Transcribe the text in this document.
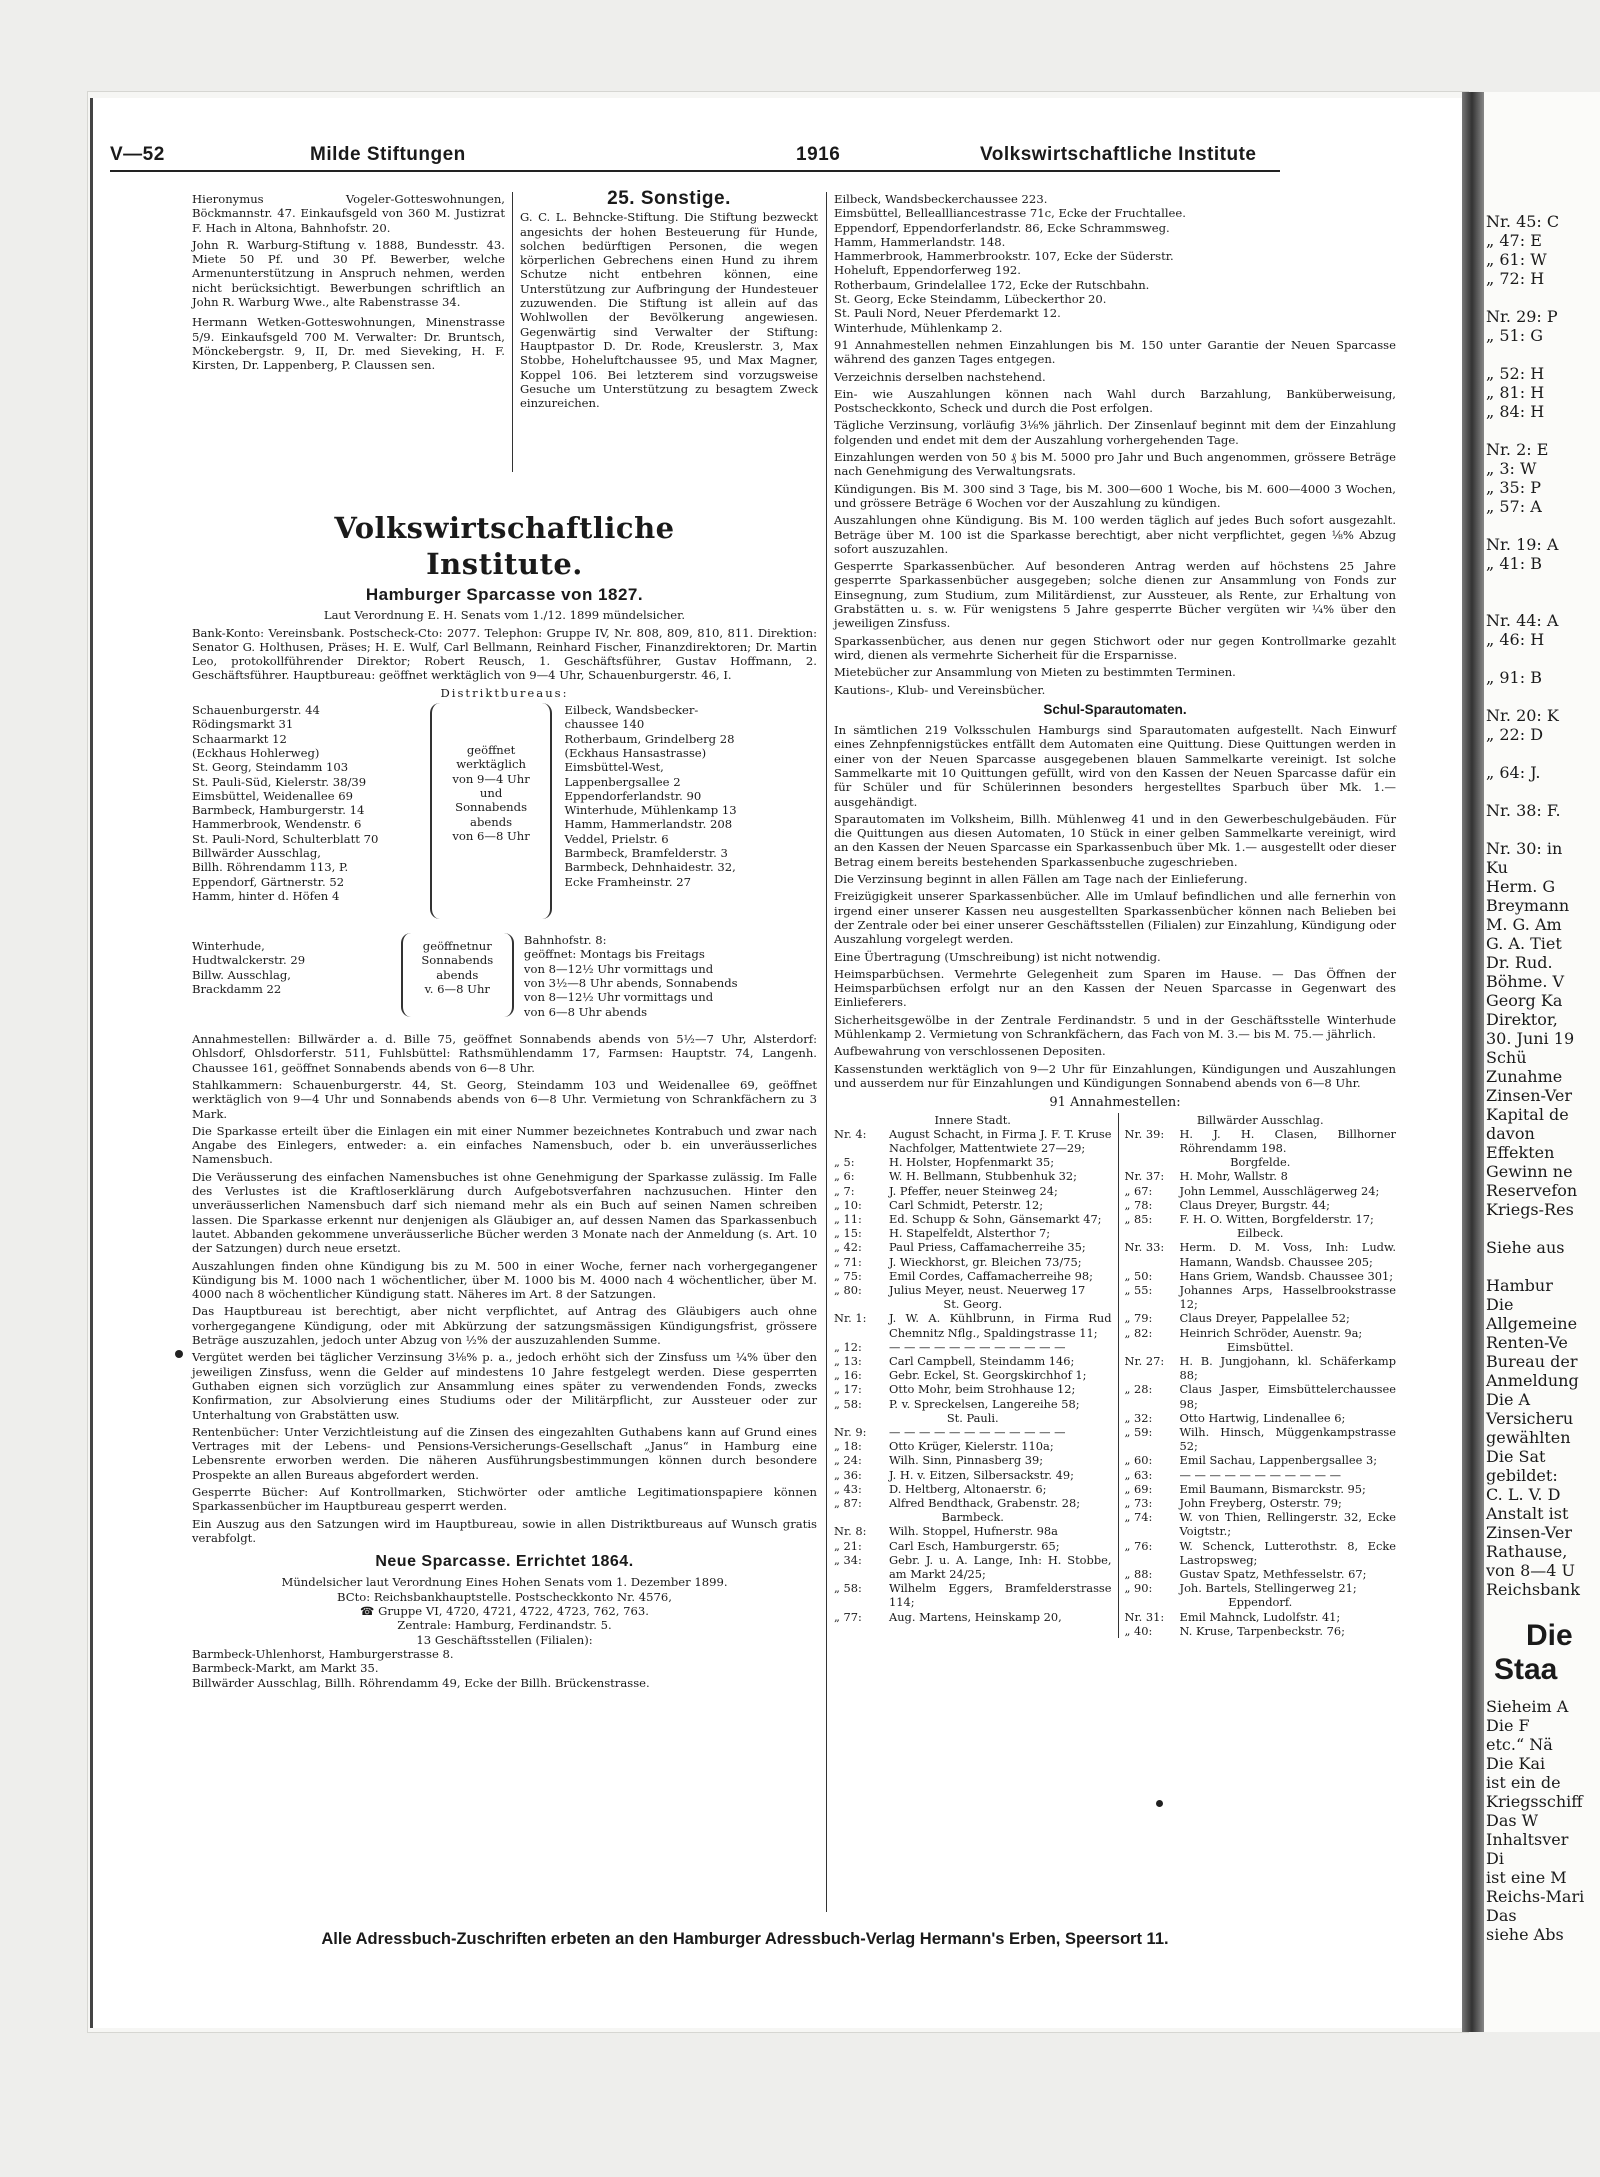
V—52	Milde Stiftungen	1916	Volkswirtschaftliche Institute

Hieronymus Vogeler-Gotteswohnungen, Böckmannstr. 47. Einkaufsgeld von 360 M. Justizrat F. Hach in Altona, Bahnhofstr. 20.

John R. Warburg-Stiftung v. 1888, Bundesstr. 43. Miete 50 Pf. und 30 Pf. Bewerber, welche Armenunterstützung in Anspruch nehmen, werden nicht berücksichtigt. Bewerbungen schriftlich an John R. Warburg Wwe., alte Rabenstrasse 34.

Hermann Wetken-Gotteswohnungen, Minenstrasse 5/9. Einkaufsgeld 700 M. Verwalter: Dr. Bruntsch, Mönckebergstr. 9, II, Dr. med Sieveking, H. F. Kirsten, Dr. Lappenberg, P. Claussen sen.

25. Sonstige.

G. C. L. Behncke-Stiftung. Die Stiftung bezweckt angesichts der hohen Besteuerung für Hunde, solchen bedürftigen Personen, die wegen körperlichen Gebrechens einen Hund zu ihrem Schutze nicht entbehren können, eine Unterstützung zur Aufbringung der Hundesteuer zuzuwenden. Die Stiftung ist allein auf das Wohlwollen der Bevölkerung angewiesen. Gegenwärtig sind Verwalter der Stiftung: Hauptpastor D. Dr. Rode, Kreuslerstr. 3, Max Stobbe, Hoheluftchaussee 95, und Max Magner, Koppel 106. Bei letzterem sind vorzugsweise Gesuche um Unterstützung zu besagtem Zweck einzureichen.

Volkswirtschaftliche
Institute.
Hamburger Sparcasse von 1827.

Laut Verordnung E. H. Senats vom 1./12. 1899 mündelsicher.

Bank-Konto: Vereinsbank. Postscheck-Cto: 2077. Telephon: Gruppe IV, Nr. 808, 809, 810, 811. Direktion: Senator G. Holthusen, Präses; H. E. Wulf, Carl Bellmann, Reinhard Fischer, Finanzdirektoren; Dr. Martin Leo, protokollführender Direktor; Robert Reusch, 1. Geschäftsführer, Gustav Hoffmann, 2. Geschäftsführer. Hauptbureau: geöffnet werktäglich von 9—4 Uhr, Schauenburgerstr. 46, I.

Distriktbureaus:

Schauenburgerstr. 44
Rödingsmarkt 31
Schaarmarkt 12
(Eckhaus Hohlerweg)
St. Georg, Steindamm 103
St. Pauli-Süd, Kielerstr. 38/39
Eimsbüttel, Weidenallee 69
Barmbeck, Hamburgerstr. 14
Hammerbrook, Wendenstr. 6
St. Pauli-Nord, Schulterblatt 70
Billwärder Ausschlag,
Billh. Röhrendamm 113, P.
Eppendorf, Gärtnerstr. 52
Hamm, hinter d. Höfen 4
geöffnet
werktäglich
von 9—4 Uhr
und
Sonnabends
abends
von 6—8 Uhr
Eilbeck, Wandsbecker-
chaussee 140
Rotherbaum, Grindelberg 28
(Eckhaus Hansastrasse)
Eimsbüttel-West,
Lappenbergsallee 2
Eppendorferlandstr. 90
Winterhude, Mühlenkamp 13
Hamm, Hammerlandstr. 208
Veddel, Prielstr. 6
Barmbeck, Bramfelderstr. 3
Barmbeck, Dehnhaidestr. 32,
Ecke Framheinstr. 27
Winterhude,
Hudtwalckerstr. 29
Billw. Ausschlag,
Brackdamm 22
geöffnetnur
Sonnabends
abends
v. 6—8 Uhr
Bahnhofstr. 8:
geöffnet: Montags bis Freitags
von 8—12½ Uhr vormittags und
von 3½—8 Uhr abends, Sonnabends
von 8—12½ Uhr vormittags und
von 6—8 Uhr abends

Annahmestellen: Billwärder a. d. Bille 75, geöffnet Sonnabends abends von 5½—7 Uhr, Alsterdorf: Ohlsdorf, Ohlsdorferstr. 511, Fuhlsbüttel: Rathsmühlendamm 17, Farmsen: Hauptstr. 74, Langenh. Chaussee 161, geöffnet Sonnabends abends von 6—8 Uhr.

Stahlkammern: Schauenburgerstr. 44, St. Georg, Steindamm 103 und Weidenallee 69, geöffnet werktäglich von 9—4 Uhr und Sonnabends abends von 6—8 Uhr. Vermietung von Schrankfächern zu 3 Mark.

Die Sparkasse erteilt über die Einlagen ein mit einer Nummer bezeichnetes Kontrabuch und zwar nach Angabe des Einlegers, entweder: a. ein einfaches Namensbuch, oder b. ein unveräusserliches Namensbuch.

Die Veräusserung des einfachen Namensbuches ist ohne Genehmigung der Sparkasse zulässig. Im Falle des Verlustes ist die Kraftloserklärung durch Aufgebotsverfahren nachzusuchen. Hinter den unveräusserlichen Namensbuch darf sich niemand mehr als ein Buch auf seinen Namen schreiben lassen. Die Sparkasse erkennt nur denjenigen als Gläubiger an, auf dessen Namen das Sparkassenbuch lautet. Abbanden gekommene unveräusserliche Bücher werden 3 Monate nach der Anmeldung (s. Art. 10 der Satzungen) durch neue ersetzt.

Auszahlungen finden ohne Kündigung bis zu M. 500 in einer Woche, ferner nach vorhergegangener Kündigung bis M. 1000 nach 1 wöchentlicher, über M. 1000 bis M. 4000 nach 4 wöchentlicher, über M. 4000 nach 8 wöchentlicher Kündigung statt. Näheres im Art. 8 der Satzungen.

Das Hauptbureau ist berechtigt, aber nicht verpflichtet, auf Antrag des Gläubigers auch ohne vorhergegangene Kündigung, oder mit Abkürzung der satzungsmässigen Kündigungsfrist, grössere Beträge auszuzahlen, jedoch unter Abzug von ½% der auszuzahlenden Summe.

Vergütet werden bei täglicher Verzinsung 3⅛% p. a., jedoch erhöht sich der Zinsfuss um ¼% über den jeweiligen Zinsfuss, wenn die Gelder auf mindestens 10 Jahre festgelegt werden. Diese gesperrten Guthaben eignen sich vorzüglich zur Ansammlung eines später zu verwendenden Fonds, zwecks Konfirmation, zur Absolvierung eines Studiums oder der Militärpflicht, zur Aussteuer oder zur Unterhaltung von Grabstätten usw.

Rentenbücher: Unter Verzichtleistung auf die Zinsen des eingezahlten Guthabens kann auf Grund eines Vertrages mit der Lebens- und Pensions-Versicherungs-Gesellschaft „Janus“ in Hamburg eine Lebensrente erworben werden. Die näheren Ausführungsbestimmungen können durch besondere Prospekte an allen Bureaus abgefordert werden.

Gesperrte Bücher: Auf Kontrollmarken, Stichwörter oder amtliche Legitimationspapiere können Sparkassenbücher im Hauptbureau gesperrt werden.

Ein Auszug aus den Satzungen wird im Hauptbureau, sowie in allen Distriktbureaus auf Wunsch gratis verabfolgt.

Neue Sparcasse. Errichtet 1864.
Mündelsicher laut Verordnung Eines Hohen Senats vom 1. Dezember 1899.
BCto: Reichsbankhauptstelle. Postscheckkonto Nr. 4576,
☎ Gruppe VI, 4720, 4721, 4722, 4723, 762, 763.
Zentrale: Hamburg, Ferdinandstr. 5.
13 Geschäftsstellen (Filialen):
Barmbeck-Uhlenhorst, Hamburgerstrasse 8.
Barmbeck-Markt, am Markt 35.
Billwärder Ausschlag, Billh. Röhrendamm 49, Ecke der Billh. Brückenstrasse.
Eilbeck, Wandsbeckerchaussee 223.
Eimsbüttel, Belleallliancestrasse 71c, Ecke der Fruchtallee.
Eppendorf, Eppendorferlandstr. 86, Ecke Schrammsweg.
Hamm, Hammerlandstr. 148.
Hammerbrook, Hammerbrookstr. 107, Ecke der Süderstr.
Hoheluft, Eppendorferweg 192.
Rotherbaum, Grindelallee 172, Ecke der Rutschbahn.
St. Georg, Ecke Steindamm, Lübeckerthor 20.
St. Pauli Nord, Neuer Pferdemarkt 12.
Winterhude, Mühlenkamp 2.

91 Annahmestellen nehmen Einzahlungen bis M. 150 unter Garantie der Neuen Sparcasse während des ganzen Tages entgegen.

Verzeichnis derselben nachstehend.

Ein- wie Auszahlungen können nach Wahl durch Barzahlung, Banküberweisung, Postscheckkonto, Scheck und durch die Post erfolgen.

Tägliche Verzinsung, vorläufig 3⅛% jährlich. Der Zinsenlauf beginnt mit dem der Einzahlung folgenden und endet mit dem der Auszahlung vorhergehenden Tage.

Einzahlungen werden von 50 ₰ bis M. 5000 pro Jahr und Buch angenommen, grössere Beträge nach Genehmigung des Verwaltungsrats.

Kündigungen. Bis M. 300 sind 3 Tage, bis M. 300—600 1 Woche, bis M. 600—4000 3 Wochen, und grössere Beträge 6 Wochen vor der Auszahlung zu kündigen.

Auszahlungen ohne Kündigung. Bis M. 100 werden täglich auf jedes Buch sofort ausgezahlt. Beträge über M. 100 ist die Sparkasse berechtigt, aber nicht verpflichtet, gegen ⅛% Abzug sofort auszuzahlen.

Gesperrte Sparkassenbücher. Auf besonderen Antrag werden auf höchstens 25 Jahre gesperrte Sparkassenbücher ausgegeben; solche dienen zur Ansammlung von Fonds zur Einsegnung, zum Studium, zum Militärdienst, zur Aussteuer, als Rente, zur Erhaltung von Grabstätten u. s. w. Für wenigstens 5 Jahre gesperrte Bücher vergüten wir ¼% über den jeweiligen Zinsfuss.

Sparkassenbücher, aus denen nur gegen Stichwort oder nur gegen Kontrollmarke gezahlt wird, dienen als vermehrte Sicherheit für die Ersparnisse.

Mietebücher zur Ansammlung von Mieten zu bestimmten Terminen.

Kautions-, Klub- und Vereinsbücher.

Schul-Sparautomaten.

In sämtlichen 219 Volksschulen Hamburgs sind Sparautomaten aufgestellt. Nach Einwurf eines Zehnpfennigstückes entfällt dem Automaten eine Quittung. Diese Quittungen werden in einer von der Neuen Sparcasse ausgegebenen blauen Sammelkarte vereinigt. Ist solche Sammelkarte mit 10 Quittungen gefüllt, wird von den Kassen der Neuen Sparcasse dafür ein für Schüler und für Schülerinnen besonders hergestelltes Sparbuch über Mk. 1.— ausgehändigt.

Sparautomaten im Volksheim, Billh. Mühlenweg 41 und in den Gewerbeschulgebäuden. Für die Quittungen aus diesen Automaten, 10 Stück in einer gelben Sammelkarte vereinigt, wird an den Kassen der Neuen Sparcasse ein Sparkassenbuch über Mk. 1.— ausgestellt oder dieser Betrag einem bereits bestehenden Sparkassenbuche zugeschrieben.

Die Verzinsung beginnt in allen Fällen am Tage nach der Einlieferung.

Freizügigkeit unserer Sparkassenbücher. Alle im Umlauf befindlichen und alle fernerhin von irgend einer unserer Kassen neu ausgestellten Sparkassenbücher können nach Belieben bei der Zentrale oder bei einer unserer Geschäftsstellen (Filialen) zur Einzahlung, Kündigung oder Auszahlung vorgelegt werden.

Eine Übertragung (Umschreibung) ist nicht notwendig.

Heimsparbüchsen. Vermehrte Gelegenheit zum Sparen im Hause. — Das Öffnen der Heimsparbüchsen erfolgt nur an den Kassen der Neuen Sparcasse in Gegenwart des Einlieferers.

Sicherheitsgewölbe in der Zentrale Ferdinandstr. 5 und in der Geschäftsstelle Winterhude Mühlenkamp 2. Vermietung von Schrankfächern, das Fach von M. 3.— bis M. 75.— jährlich.

Aufbewahrung von verschlossenen Depositen.

Kassenstunden werktäglich von 9—2 Uhr für Einzahlungen, Kündigungen und Auszahlungen und ausserdem nur für Einzahlungen und Kündigungen Sonnabend abends von 6—8 Uhr.

91 Annahmestellen:
Innere Stadt.	
Nr. 4:	August Schacht, in Firma J. F. T. Kruse Nachfolger, Mattentwiete 27—29;
„ 5:	H. Holster, Hopfenmarkt 35;
„ 6:	W. H. Bellmann, Stubbenhuk 32;
„ 7:	J. Pfeffer, neuer Steinweg 24;
„ 10:	Carl Schmidt, Peterstr. 12;
„ 11:	Ed. Schupp & Sohn, Gänsemarkt 47;
„ 15:	H. Stapelfeldt, Alsterthor 7;
„ 42:	Paul Priess, Caffamacherreihe 35;
„ 71:	J. Wieckhorst, gr. Bleichen 73/75;
„ 75:	Emil Cordes, Caffamacherreihe 98;
„ 80:	Julius Meyer, neust. Neuerweg 17
St. Georg.	
Nr. 1:	J. W. A. Kühlbrunn, in Firma Rud Chemnitz Nflg., Spaldingstrasse 11;
„ 12:	— — — — — — — — — — — —
„ 13:	Carl Campbell, Steindamm 146;
„ 16:	Gebr. Eckel, St. Georgskirchhof 1;
„ 17:	Otto Mohr, beim Strohhause 12;
„ 58:	P. v. Spreckelsen, Langereihe 58;
St. Pauli.	
Nr. 9:	— — — — — — — — — — — —
„ 18:	Otto Krüger, Kielerstr. 110a;
„ 24:	Wilh. Sinn, Pinnasberg 39;
„ 36:	J. H. v. Eitzen, Silbersackstr. 49;
„ 43:	D. Heltberg, Altonaerstr. 6;
„ 87:	Alfred Bendthack, Grabenstr. 28;
Barmbeck.	
Nr. 8:	Wilh. Stoppel, Hufnerstr. 98a
„ 21:	Carl Esch, Hamburgerstr. 65;
„ 34:	Gebr. J. u. A. Lange, Inh: H. Stobbe, am Markt 24/25;
„ 58:	Wilhelm Eggers, Bramfelderstrasse 114;
„ 77:	Aug. Martens, Heinskamp 20,
Billwärder Ausschlag.	
Nr. 39:	H. J. H. Clasen, Billhorner Röhrendamm 198.
Borgfelde.	
Nr. 37:	H. Mohr, Wallstr. 8
„ 67:	John Lemmel, Ausschlägerweg 24;
„ 78:	Claus Dreyer, Burgstr. 44;
„ 85:	F. H. O. Witten, Borgfelderstr. 17;
Eilbeck.	
Nr. 33:	Herm. D. M. Voss, Inh: Ludw. Hamann, Wandsb. Chaussee 205;
„ 50:	Hans Griem, Wandsb. Chaussee 301;
„ 55:	Johannes Arps, Hasselbrookstrasse 12;
„ 79:	Claus Dreyer, Pappelallee 52;
„ 82:	Heinrich Schröder, Auenstr. 9a;
Eimsbüttel.	
Nr. 27:	H. B. Jungjohann, kl. Schäferkamp 88;
„ 28:	Claus Jasper, Eimsbüttelerchaussee 98;
„ 32:	Otto Hartwig, Lindenallee 6;
„ 59:	Wilh. Hinsch, Müggenkampstrasse 52;
„ 60:	Emil Sachau, Lappenbergsallee 3;
„ 63:	— — — — — — — — — — —
„ 69:	Emil Baumann, Bismarckstr. 95;
„ 73:	John Freyberg, Osterstr. 79;
„ 74:	W. von Thien, Rellingerstr. 32, Ecke Voigtstr.;
„ 76:	W. Schenck, Lutterothstr. 8, Ecke Lastropsweg;
„ 88:	Gustav Spatz, Methfesselstr. 67;
„ 90:	Joh. Bartels, Stellingerweg 21;
Eppendorf.	
Nr. 31:	Emil Mahnck, Ludolfstr. 41;
„ 40:	N. Kruse, Tarpenbeckstr. 76;
Alle Adressbuch-Zuschriften erbeten an den Hamburger Adressbuch-Verlag Hermann's Erben, Speersort 11.
Nr. 45: C
„ 47: E
„ 61: W
„ 72: H

Nr. 29: P
„ 51: G

„ 52: H
„ 81: H
„ 84: H

Nr. 2: E
„ 3: W
„ 35: P
„ 57: A

Nr. 19: A
„ 41: B

Nr. 44: A
„ 46: H

„ 91: B

Nr. 20: K
„ 22: D

„ 64: J.

Nr. 38: F.

Nr. 30: in
Ku
Herm. G
Breymann
M. G. Am
G. A. Tiet
Dr. Rud.
Böhme. V
Georg Ka
Direktor,
30. Juni 19
Schü
Zunahme
Zinsen-Ver
Kapital de
davon
Effekten
Gewinn ne
Reservefon
Kriegs-Res

Siehe aus

Hambur
Die
Allgemeine
Renten-Ve
Bureau der
Anmeldung
Die A
Versicheru
gewählten
Die Sat
gebildet:
C. L. V. D
Anstalt ist
Zinsen-Ver
Rathause,
von 8—4 U
Reichsbank
Die
Staa
Sieheim A
Die F
etc.“ Nä
Die Kai
ist ein de
Kriegsschiff
Das W
Inhaltsver
Di
ist eine M
Reichs-Mari
Das
siehe Abs
